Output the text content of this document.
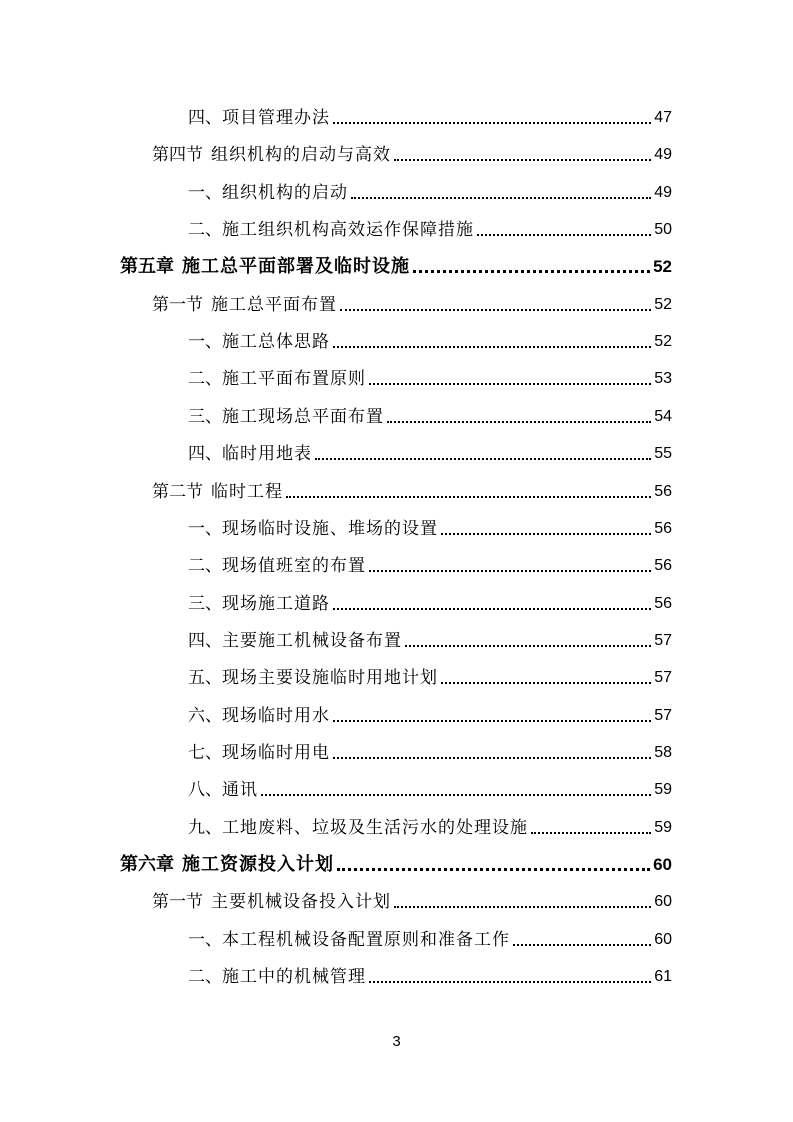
四、 项目管理办法	47
第四节 组织机构的启动与高效	49
一、 组织机构的启动	49
二、 施工组织机构高效运作保障措施	50
第五章 施工总平面部署及临时设施	52
第一节 施工总平面布置	52
一、 施工总体思路	52
二、 施工平面布置原则	53
三、 施工现场总平面布置	54
四、 临时用地表	55
第二节 临时工程	56
一、 现场临时设施、堆场的设置	56
二、 现场值班室的布置	56
三、 现场施工道路	56
四、 主要施工机械设备布置	57
五、 现场主要设施临时用地计划	57
六、 现场临时用水	57
七、 现场临时用电	58
八、 通讯	59
九、 工地废料、垃圾及生活污水的处理设施	59
第六章 施工资源投入计划	60
第一节 主要机械设备投入计划	60
一、 本工程机械设备配置原则和准备工作	60
二、 施工中的机械管理	61
3
